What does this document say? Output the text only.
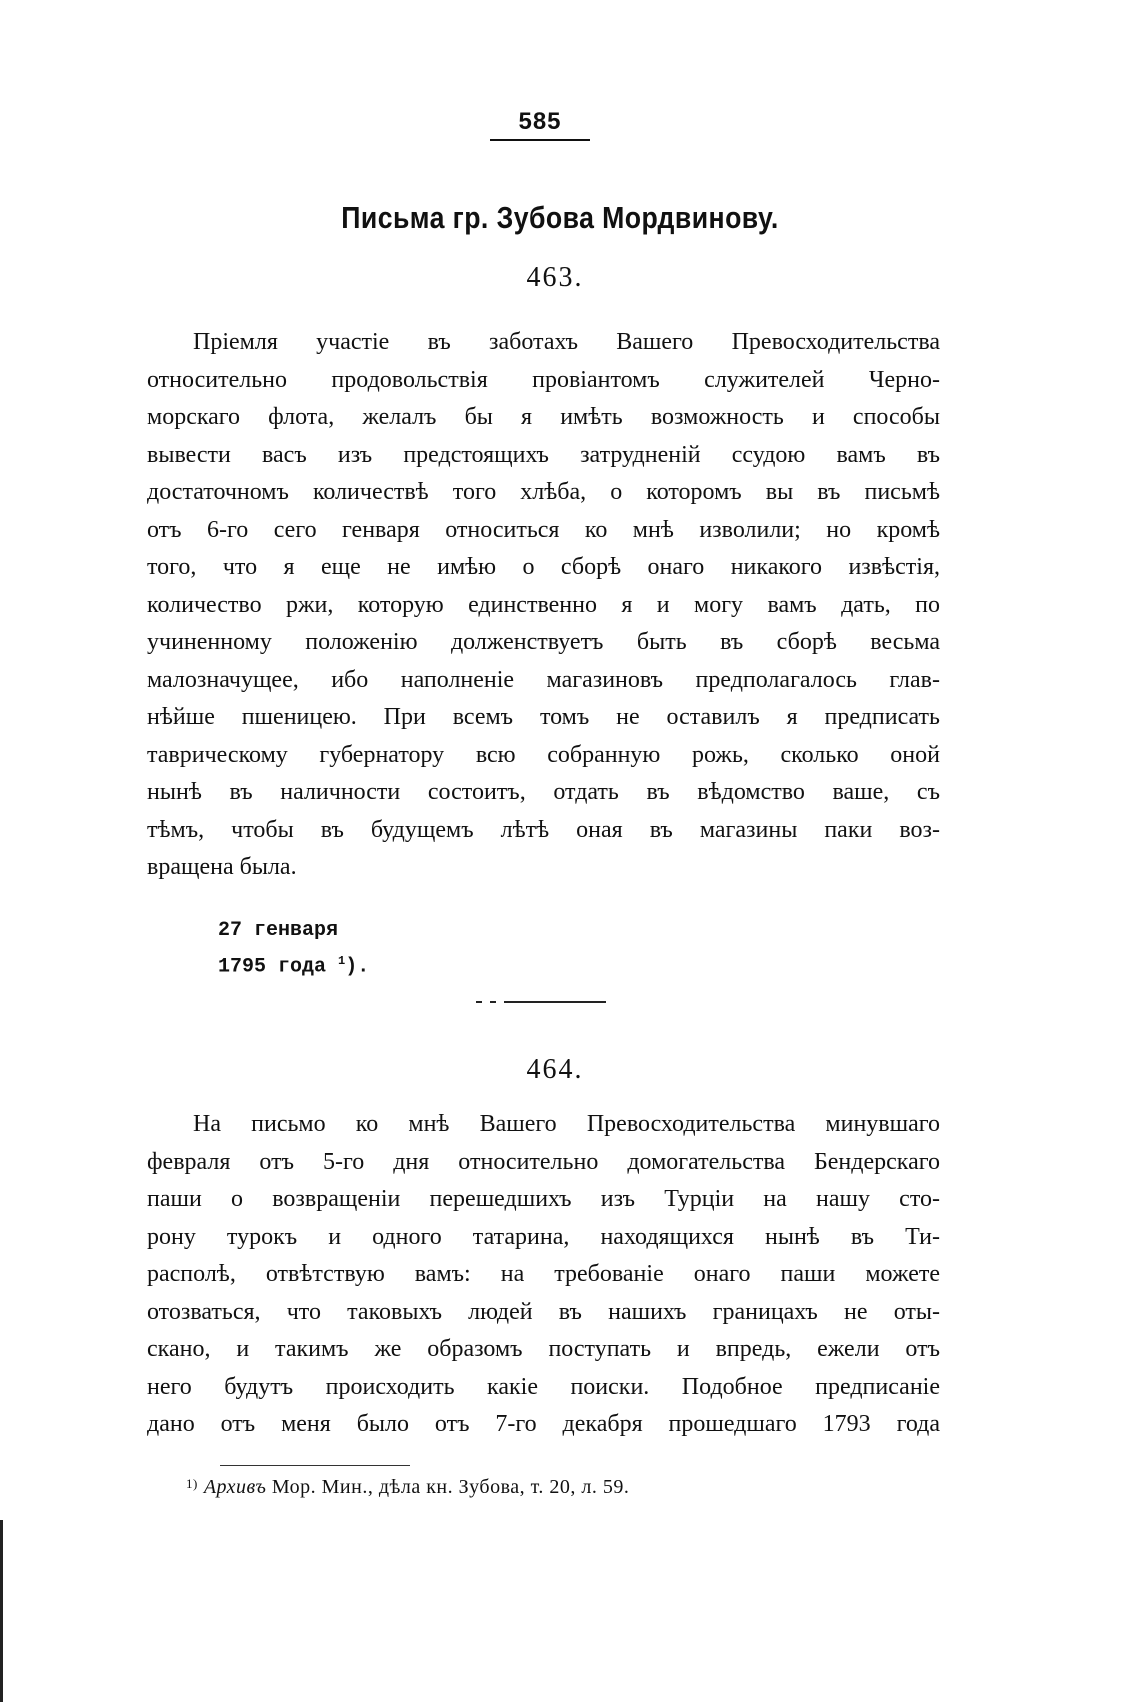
585
Письма гр. Зубова Мордвинову.
463.
Пріемля участіе въ заботахъ Вашего Превосходительства
относительно продовольствія провіантомъ служителей Черно-
морскаго флота, желалъ бы я имѣть возможность и способы
вывести васъ изъ предстоящихъ затрудненій ссудою вамъ въ
достаточномъ количествѣ того хлѣба, о которомъ вы въ письмѣ
отъ 6-го сего генваря относиться ко мнѣ изволили; но кромѣ
того, что я еще не имѣю о сборѣ онаго никакого извѣстія,
количество ржи, которую единственно я и могу вамъ дать, по
учиненному положенію долженствуетъ быть въ сборѣ весьма
малозначущее, ибо наполненіе магазиновъ предполагалось глав-
нѣйше пшеницею. При всемъ томъ не оставилъ я предписать
таврическому губернатору всю собранную рожь, сколько оной
нынѣ въ наличности состоитъ, отдать въ вѣдомство ваше, съ
тѣмъ, чтобы въ будущемъ лѣтѣ оная въ магазины паки воз-
вращена была.
27 генваря
1795 года $^1$).
464.
На письмо ко мнѣ Вашего Превосходительства минувшаго
февраля отъ 5-го дня относительно домогательства Бендерскаго
паши о возвращеніи перешедшихъ изъ Турціи на нашу сто-
рону турокъ и одного татарина, находящихся нынѣ въ Ти-
располѣ, отвѣтствую вамъ: на требованіе онаго паши можете
отозваться, что таковыхъ людей въ нашихъ границахъ не оты-
скано, и такимъ же образомъ поступать и впредь, ежели отъ
него будутъ происходить какіе поиски. Подобное предписаніе
дано отъ меня было отъ 7-го декабря прошедшаго 1793 года
$^{1)}$ Архивъ Мор. Мин., дѣла кн. Зубова, т. 20, л. 59.
